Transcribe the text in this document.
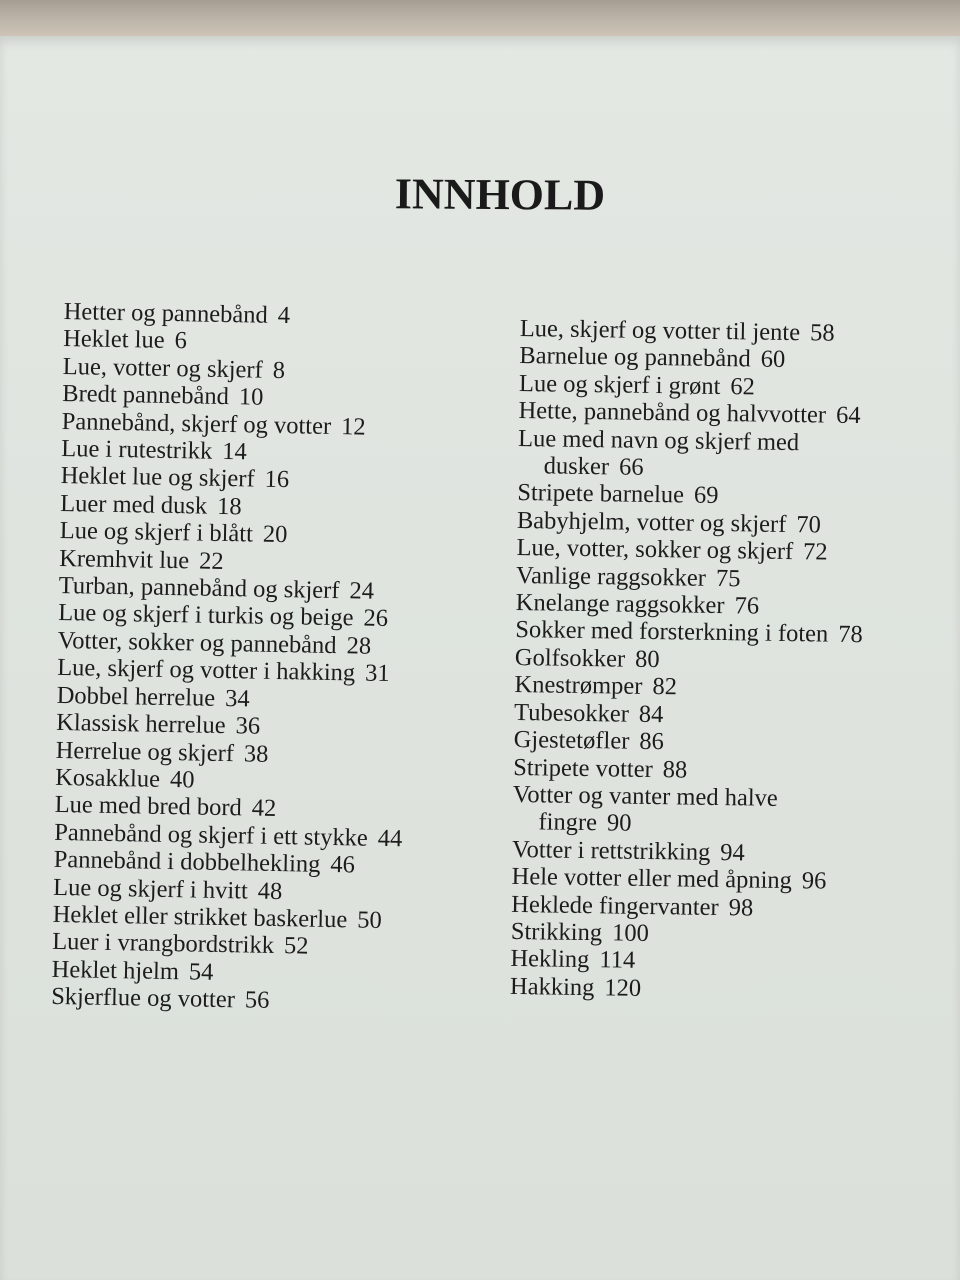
INNHOLD
Hetter og pannebånd 4
Heklet lue 6
Lue, votter og skjerf 8
Bredt pannebånd 10
Pannebånd, skjerf og votter 12
Lue i rutestrikk 14
Heklet lue og skjerf 16
Luer med dusk 18
Lue og skjerf i blått 20
Kremhvit lue 22
Turban, pannebånd og skjerf 24
Lue og skjerf i turkis og beige 26
Votter, sokker og pannebånd 28
Lue, skjerf og votter i hakking 31
Dobbel herrelue 34
Klassisk herrelue 36
Herrelue og skjerf 38
Kosakklue 40
Lue med bred bord 42
Pannebånd og skjerf i ett stykke 44
Pannebånd i dobbelhekling 46
Lue og skjerf i hvitt 48
Heklet eller strikket baskerlue 50
Luer i vrangbordstrikk 52
Heklet hjelm 54
Skjerflue og votter 56
Lue, skjerf og votter til jente 58
Barnelue og pannebånd 60
Lue og skjerf i grønt 62
Hette, pannebånd og halvvotter 64
Lue med navn og skjerf med
dusker 66
Stripete barnelue 69
Babyhjelm, votter og skjerf 70
Lue, votter, sokker og skjerf 72
Vanlige raggsokker 75
Knelange raggsokker 76
Sokker med forsterkning i foten 78
Golfsokker 80
Knestrømper 82
Tubesokker 84
Gjestetøfler 86
Stripete votter 88
Votter og vanter med halve
fingre 90
Votter i rettstrikking 94
Hele votter eller med åpning 96
Heklede fingervanter 98
Strikking 100
Hekling 114
Hakking 120
